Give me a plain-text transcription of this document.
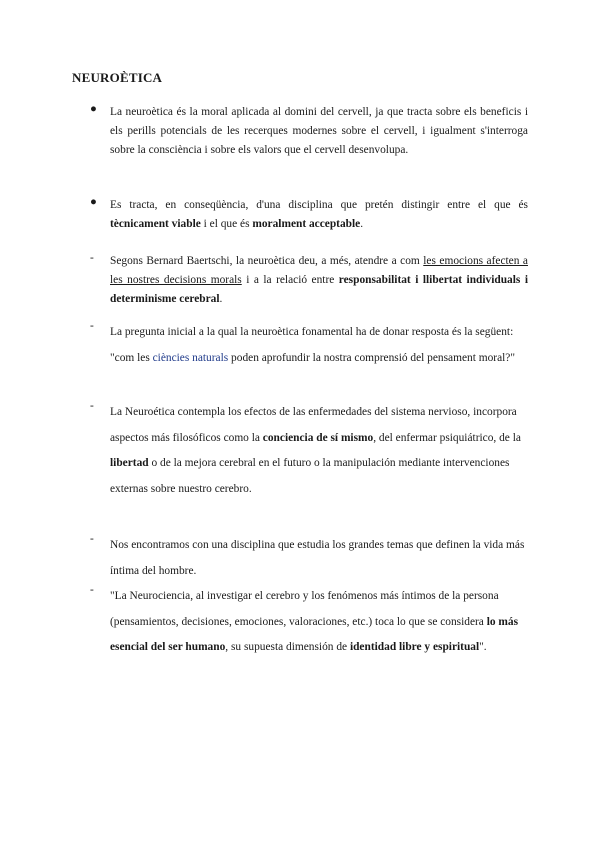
NEUROÈTICA
●	La neuroètica és la moral aplicada al domini del cervell, ja que tracta sobre els beneficis i els perills potencials de les recerques modernes sobre el cervell, i igualment s'interroga sobre la consciència i sobre els valors que el cervell desenvolupa.
●	Es tracta, en conseqüència, d'una disciplina que pretén distingir entre el que és tècnicament viable i el que és moralment acceptable.
-	Segons Bernard Baertschi, la neuroètica deu, a més, atendre a com les emocions afecten a les nostres decisions morals i a la relació entre responsabilitat i llibertat individuals i determinisme cerebral.
-	La pregunta inicial a la qual la neuroètica fonamental ha de donar resposta és la següent: "com les ciències naturals poden aprofundir la nostra comprensió del pensament moral?"
-	La Neuroética contempla los efectos de las enfermedades del sistema nervioso, incorpora aspectos más filosóficos como la conciencia de sí mismo, del enfermar psiquiátrico, de la libertad o de la mejora cerebral en el futuro o la manipulación mediante intervenciones externas sobre nuestro cerebro.
-	Nos encontramos con una disciplina que estudia los grandes temas que definen la vida más íntima del hombre.
-	"La Neurociencia, al investigar el cerebro y los fenómenos más íntimos de la persona (pensamientos, decisiones, emociones, valoraciones, etc.) toca lo que se considera lo más esencial del ser humano, su supuesta dimensión de identidad libre y espiritual".
